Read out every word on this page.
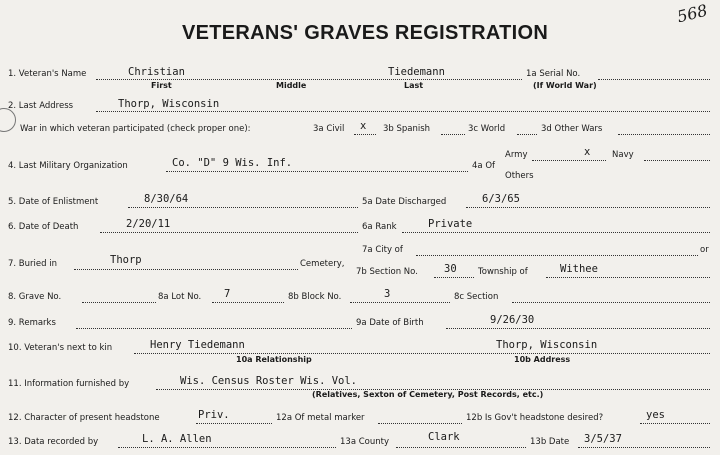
VETERANS' GRAVES REGISTRATION
568
1. Veteran's Name	Christian	Tiedemann
First	Middle	Last
1a Serial No.
(If World War)
2. Last Address	Thorp, Wisconsin
War in which veteran participated (check proper one):	3a Civil x 3b Spanish	3c World	3d Other Wars
4. Last Military Organization	Co. "D" 9 Wis. Inf.	4a Of
Army	x	Navy
Others
5. Date of Enlistment	8/30/64	5a Date Discharged	6/3/65
6. Date of Death	2/20/11	6a Rank	Private
7a City of	or
7. Buried in	Thorp	Cemetery,
7b Section No. 30	Township of	Withee
8. Grave No.	8a Lot No. 7	8b Block No.	3	8c Section
9. Remarks	9a Date of Birth	9/26/30
10. Veteran's next to kin	Henry Tiedemann	Thorp, Wisconsin
10a Relationship	10b Address
11. Information furnished by	Wis. Census Roster Wis. Vol.
(Relatives, Sexton of Cemetery, Post Records, etc.)
12. Character of present headstone	Priv.	12a Of metal marker	12b Is Gov't headstone desired?	yes
13. Data recorded by	L. A. Allen	13a County	Clark	13b Date 3/5/37
